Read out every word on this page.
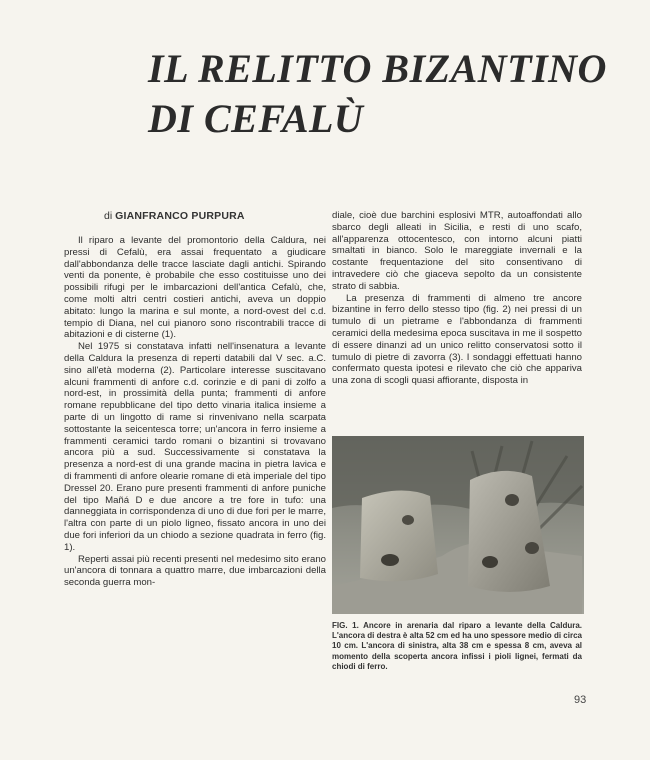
IL RELITTO BIZANTINO
DI CEFALÙ
di GIANFRANCO PURPURA

Il riparo a levante del promontorio della Caldura, nei pressi di Cefalù, era assai frequentato a giudicare dall'abbondanza delle tracce lasciate dagli antichi. Spirando venti da ponente, è probabile che esso costituisse uno dei possibili rifugi per le imbarcazioni dell'antica Cefalù, che, come molti altri centri costieri antichi, aveva un doppio abitato: lungo la marina e sul monte, a nord-ovest del c.d. tempio di Diana, nel cui pianoro sono riscontrabili tracce di abitazioni e di cisterne (1).

Nel 1975 si constatava infatti nell'insenatura a levante della Caldura la presenza di reperti databili dal V sec. a.C. sino all'età moderna (2). Particolare interesse suscitavano alcuni frammenti di anfore c.d. corinzie e di pani di zolfo a nord-est, in prossimità della punta; frammenti di anfore romane repubblicane del tipo detto vinaria italica insieme a parte di un lingotto di rame si rinvenivano nella scarpata sottostante la seicentesca torre; un'ancora in ferro insieme a frammenti ceramici tardo romani o bizantini si trovavano ancora più a sud. Successivamente si constatava la presenza a nord-est di una grande macina in pietra lavica e di frammenti di anfore olearie romane di età imperiale del tipo Dressel 20. Erano pure presenti frammenti di anfore puniche del tipo Mañá D e due ancore a tre fore in tufo: una danneggiata in corrispondenza di uno di due fori per le marre, l'altra con parte di un piolo ligneo, fissato ancora in uno dei due fori inferiori da un chiodo a sezione quadrata in ferro (fig. 1).

Reperti assai più recenti presenti nel medesimo sito erano un'ancora di tonnara a quattro marre, due imbarcazioni della seconda guerra mon-

diale, cioè due barchini esplosivi MTR, autoaffondati allo sbarco degli alleati in Sicilia, e resti di uno scafo, all'apparenza ottocentesco, con intorno alcuni piatti smaltati in bianco. Solo le mareggiate invernali e la costante frequentazione del sito consentivano di intravedere ciò che giaceva sepolto da un consistente strato di sabbia.

La presenza di frammenti di almeno tre ancore bizantine in ferro dello stesso tipo (fig. 2) nei pressi di un tumulo di un pietrame e l'abbondanza di frammenti ceramici della medesima epoca suscitava in me il sospetto di essere dinanzi ad un unico relitto conservatosi sotto il tumulo di pietre di zavorra (3). I sondaggi effettuati hanno confermato questa ipotesi e rilevato che ciò che appariva una zona di scogli quasi affiorante, disposta in

FIG. 1. Ancore in arenaria dal riparo a levante della Caldura. L'ancora di destra è alta 52 cm ed ha uno spessore medio di circa 10 cm. L'ancora di sinistra, alta 38 cm e spessa 8 cm, aveva al momento della scoperta ancora infissi i pioli lignei, fermati da chiodi di ferro.
93
